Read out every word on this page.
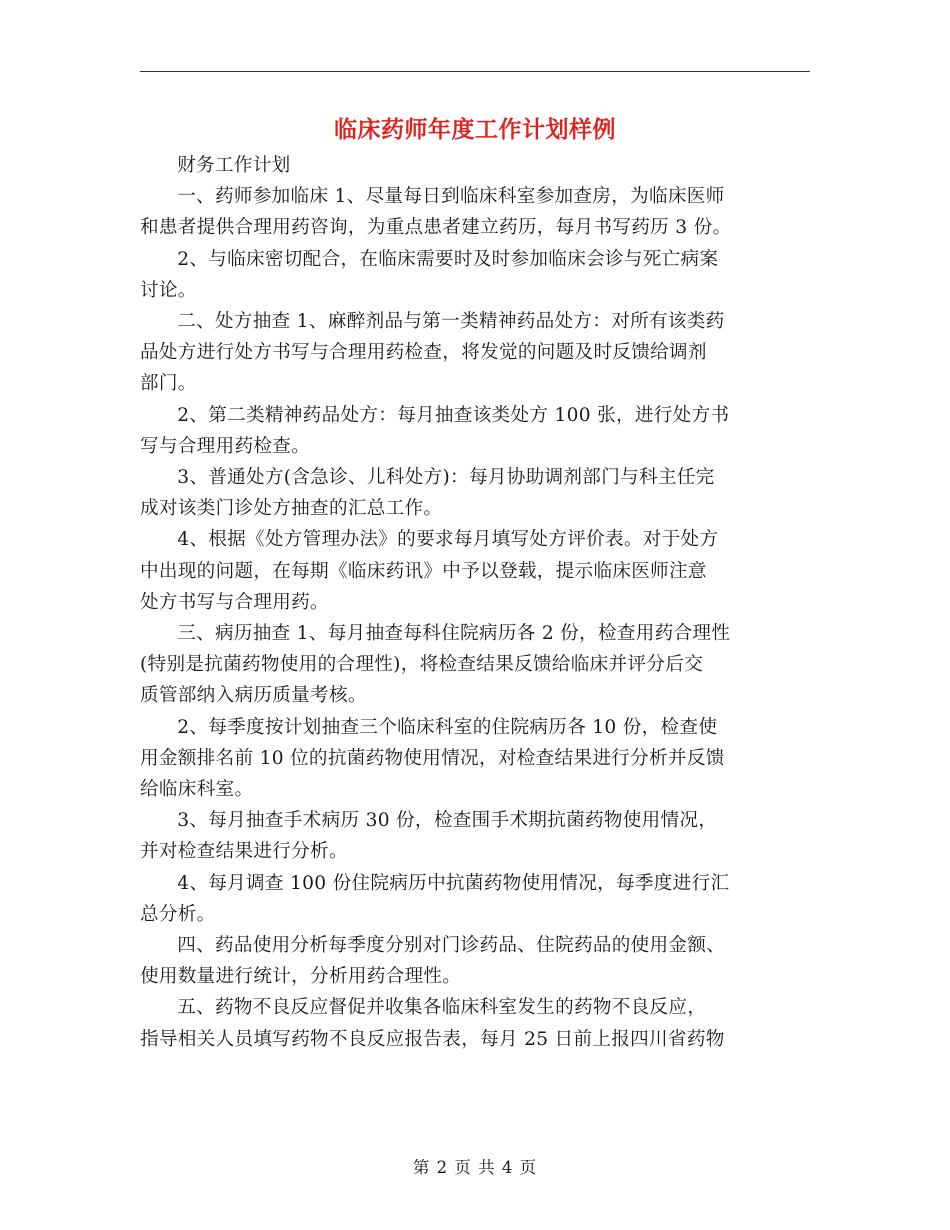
临床药师年度工作计划样例

财务工作计划

一、药师参加临床 1、尽量每日到临床科室参加查房，为临床医师
和患者提供合理用药咨询，为重点患者建立药历，每月书写药历 3 份。

2、与临床密切配合，在临床需要时及时参加临床会诊与死亡病案
讨论。

二、处方抽查 1、麻醉剂品与第一类精神药品处方：对所有该类药
品处方进行处方书写与合理用药检查，将发觉的问题及时反馈给调剂
部门。

2、第二类精神药品处方：每月抽查该类处方 100 张，进行处方书
写与合理用药检查。

3、普通处方(含急诊、儿科处方)：每月协助调剂部门与科主任完
成对该类门诊处方抽查的汇总工作。

4、根据《处方管理办法》的要求每月填写处方评价表。对于处方
中出现的问题，在每期《临床药讯》中予以登载，提示临床医师注意
处方书写与合理用药。

三、病历抽查 1、每月抽查每科住院病历各 2 份，检查用药合理性
(特别是抗菌药物使用的合理性)，将检查结果反馈给临床并评分后交
质管部纳入病历质量考核。

2、每季度按计划抽查三个临床科室的住院病历各 10 份，检查使
用金额排名前 10 位的抗菌药物使用情况，对检查结果进行分析并反馈
给临床科室。

3、每月抽查手术病历 30 份，检查围手术期抗菌药物使用情况，
并对检查结果进行分析。

4、每月调查 100 份住院病历中抗菌药物使用情况，每季度进行汇
总分析。

四、药品使用分析每季度分别对门诊药品、住院药品的使用金额、
使用数量进行统计，分析用药合理性。

五、药物不良反应督促并收集各临床科室发生的药物不良反应，
指导相关人员填写药物不良反应报告表，每月 25 日前上报四川省药物

第 2 页 共 4 页
